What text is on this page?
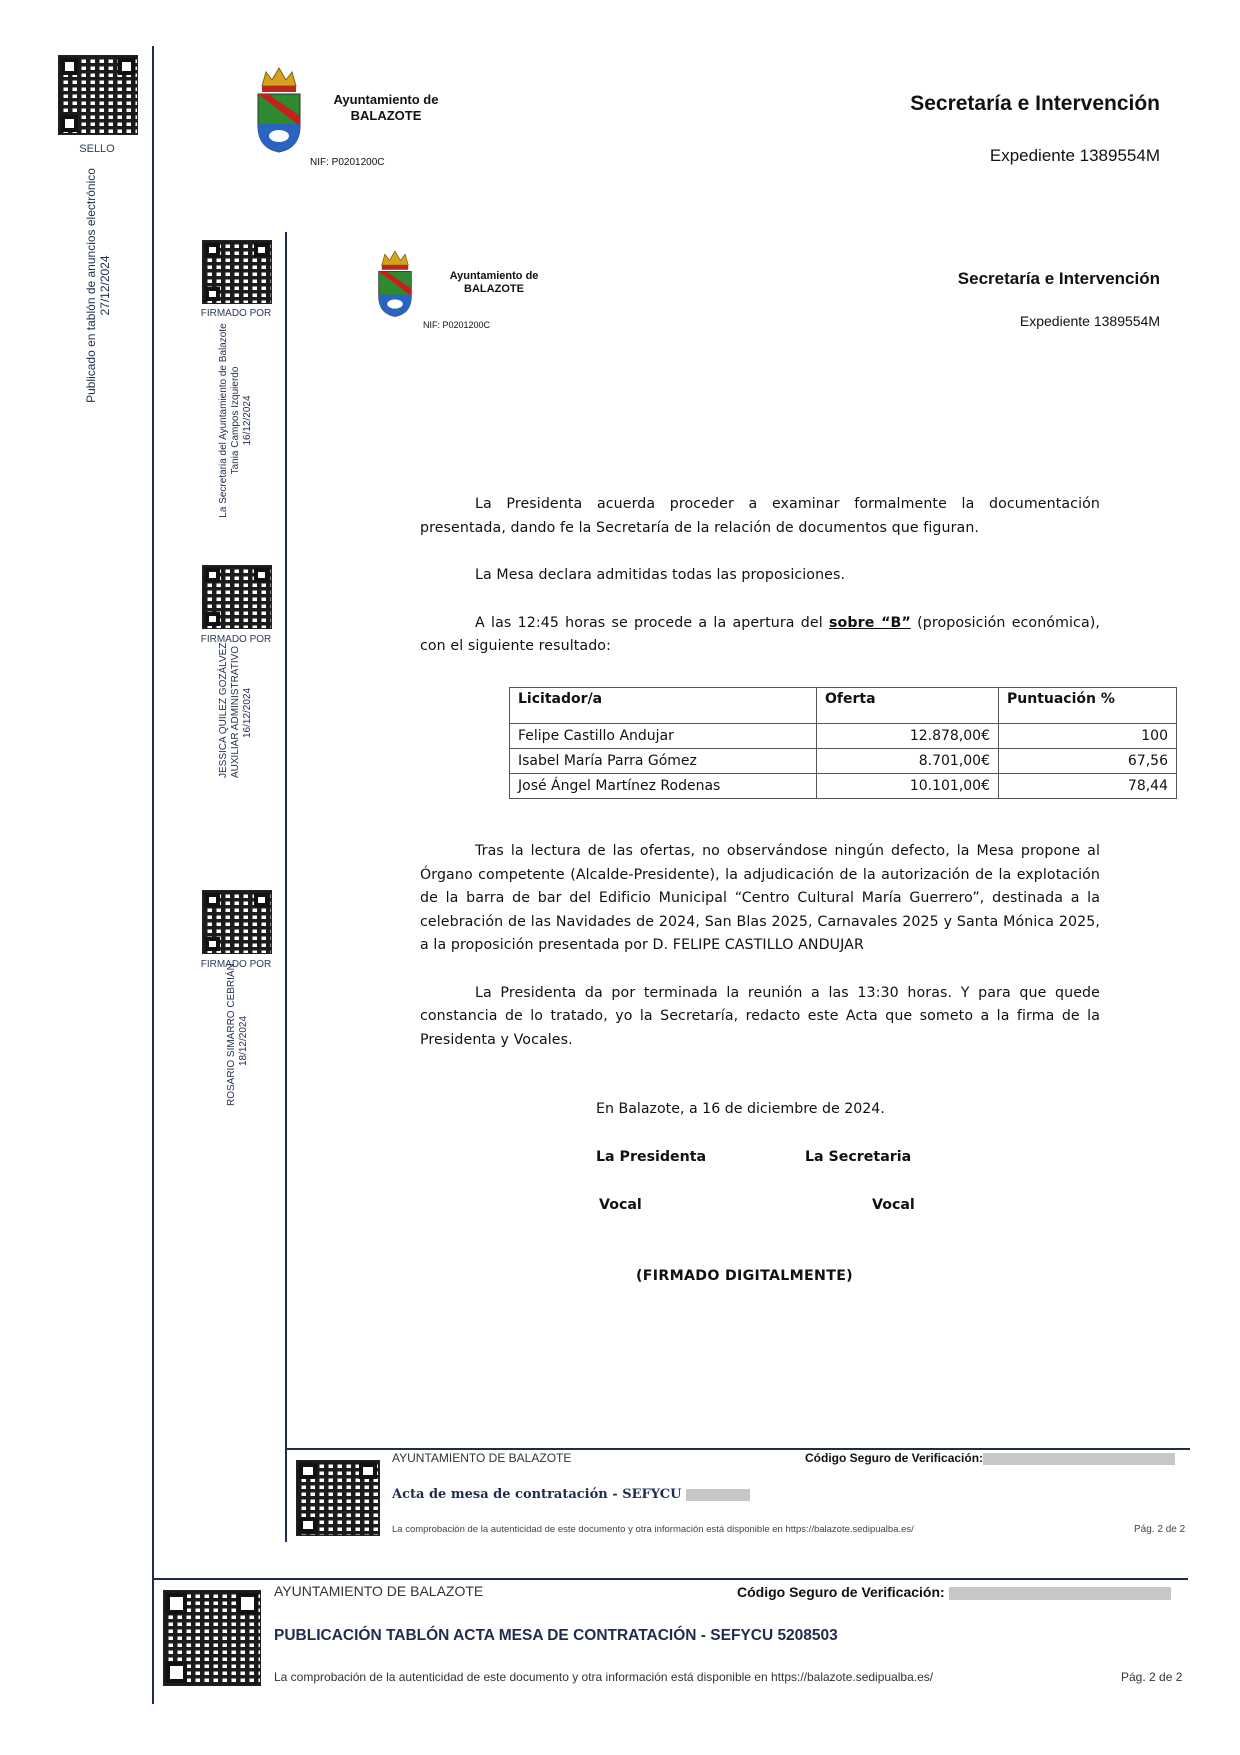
SELLO
Publicado en tablón de anuncios electrónico 27/12/2024
Ayuntamiento de
BALAZOTE
NIF: P0201200C
Secretaría e Intervención
Expediente 1389554M
FIRMADO POR
La Secretaria del Ayuntamiento de Balazote Tania Campos Izquierdo 16/12/2024
FIRMADO POR
JESSICA QUILEZ GOZÁLVEZ AUXILIAR ADMINISTRATIVO 16/12/2024
FIRMADO POR
ROSARIO SIMARRO CEBRIÁN 18/12/2024
Ayuntamiento de
BALAZOTE
NIF: P0201200C
Secretaría e Intervención
Expediente 1389554M

La Presidenta acuerda proceder a examinar formalmente la documentación presentada, dando fe la Secretaría de la relación de documentos que figuran.

La Mesa declara admitidas todas las proposiciones.

A las 12:45 horas se procede a la apertura del sobre “B” (proposición económica), con el siguiente resultado:

Licitador/a	Oferta	Puntuación %
Felipe Castillo Andujar	12.878,00€	100
Isabel María Parra Gómez	8.701,00€	67,56
José Ángel Martínez Rodenas	10.101,00€	78,44

Tras la lectura de las ofertas, no observándose ningún defecto, la Mesa propone al Órgano competente (Alcalde-Presidente), la adjudicación de la autorización de la explotación de la barra de bar del Edificio Municipal “Centro Cultural María Guerrero”, destinada a la celebración de las Navidades de 2024, San Blas 2025, Carnavales 2025 y Santa Mónica 2025, a la proposición presentada por D. FELIPE CASTILLO ANDUJAR

La Presidenta da por terminada la reunión a las 13:30 horas. Y para que quede constancia de lo tratado, yo la Secretaría, redacto este Acta que someto a la firma de la Presidenta y Vocales.

En Balazote, a 16 de diciembre de 2024.
La Presidenta	La Secretaria
Vocal	Vocal
(FIRMADO DIGITALMENTE)
AYUNTAMIENTO DE BALAZOTE	Código Seguro de Verificación:
Acta de mesa de contratación - SEFYCU
La comprobación de la autenticidad de este documento y otra información está disponible en https://balazote.sedipualba.es/	Pág. 2 de 2
AYUNTAMIENTO DE BALAZOTE	Código Seguro de Verificación:
PUBLICACIÓN TABLÓN ACTA MESA DE CONTRATACIÓN - SEFYCU 5208503
La comprobación de la autenticidad de este documento y otra información está disponible en https://balazote.sedipualba.es/	Pág. 2 de 2
